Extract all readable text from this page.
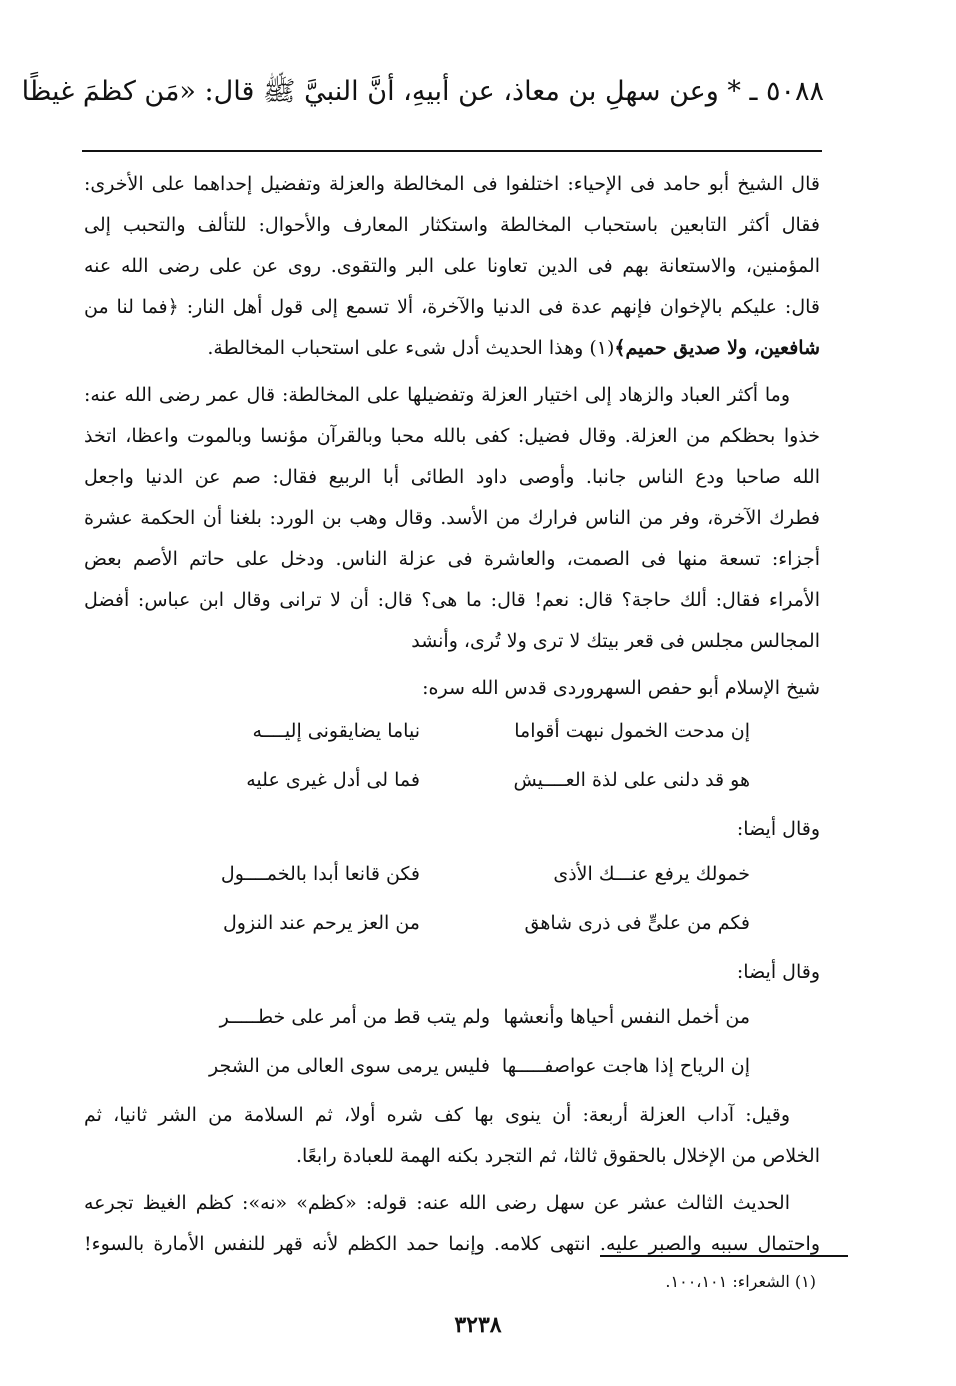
٥٠٨٨ ـ * وعن سهلِ بن معاذ، عن أبيهِ، أنَّ النبيَّ ﷺ قال: «مَن كظمَ غيظًا

قال الشيخ أبو حامد فى الإحياء: اختلفوا فى المخالطة والعزلة وتفضيل إحداهما على الأخرى:
فقال أكثر التابعين باستحباب المخالطة واستكثار المعارف والأحوال: للتألف والتحبب إلى
المؤمنين، والاستعانة بهم فى الدين تعاونا على البر والتقوى. روى عن على رضى الله عنه
قال: عليكم بالإخوان فإنهم عدة فى الدنيا والآخرة، ألا تسمع إلى قول أهل النار: ﴿فما لنا من
شافعين، ولا صديق حميم﴾(١) وهذا الحديث أدل شىء على استحباب المخالطة.

وما أكثر العباد والزهاد إلى اختيار العزلة وتفضيلها على المخالطة: قال عمر رضى الله عنه:
خذوا بحظكم من العزلة. وقال فضيل: كفى بالله محبا وبالقرآن مؤنسا وبالموت واعظا، اتخذ
الله صاحبا ودع الناس جانبا. وأوصى داود الطائى أبا الربيع فقال: صم عن الدنيا واجعل
فطرك الآخرة، وفر من الناس فرارك من الأسد. وقال وهب بن الورد: بلغنا أن الحكمة عشرة
أجزاء: تسعة منها فى الصمت، والعاشرة فى عزلة الناس. ودخل على حاتم الأصم بعض
الأمراء فقال: ألك حاجة؟ قال: نعم! قال: ما هى؟ قال: أن لا ترانى وقال ابن عباس: أفضل
المجالس مجلس فى قعر بيتك لا ترى ولا تُرى، وأنشد

شيخ الإسلام أبو حفص السهروردى قدس الله سره:
إن مدحت الخمول نبهت أقواما
نياما يضايقونى إليــــه
هو قد دلنى على لذة العــــيش
فما لى أدل غيرى عليه
وقال أيضا:
خمولك يرفع عنـــك الأذى
فكن قانعا أبدا بالخمــــول
فكم من علىٍّ فى ذرى شاهق
من العز يرحم عند النزول
وقال أيضا:
من أخمل النفس أحياها وأنعشها
ولم يتب قط من أمر على خطـــــر
إن الرياح إذا هاجت عواصفـــــها
فليس يرمى سوى العالى من الشجر

وقيل: آداب العزلة أربعة: أن ينوى بها كف شره أولا، ثم السلامة من الشر ثانيا، ثم
الخلاص من الإخلال بالحقوق ثالثا، ثم التجرد بكنه الهمة للعبادة رابعًا.

الحديث الثالث عشر عن سهل رضى الله عنه: قوله: «كظم» «نه»: كظم الغيظ تجرعه
واحتمال سببه والصبر عليه. انتهى كلامه. وإنما حمد الكظم لأنه قهر للنفس الأمارة بالسوء!

(١) الشعراء: ١٠٠،١٠١.
٣٢٣٨
